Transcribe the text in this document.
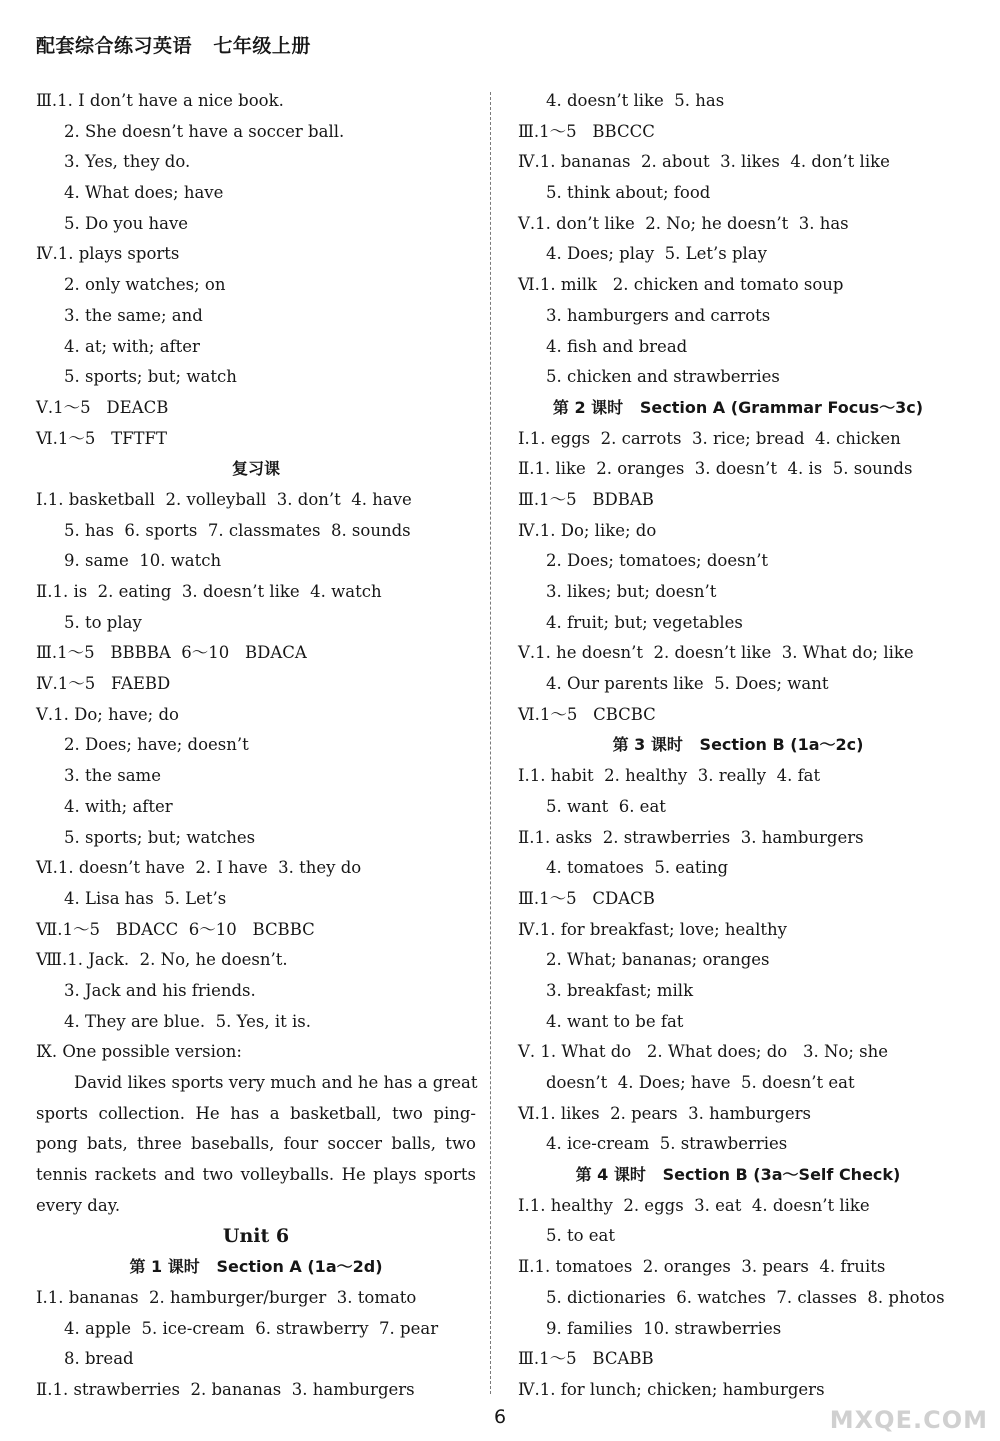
配套综合练习英语   七年级上册
Ⅲ.1. I don’t have a nice book.
2. She doesn’t have a soccer ball.
3. Yes, they do.
4. What does; have
5. Do you have
Ⅳ.1. plays sports
2. only watches; on
3. the same; and
4. at; with; after
5. sports; but; watch
Ⅴ.1～5   DEACB
Ⅵ.1～5   TFTFT
复习课
Ⅰ.1. basketball  2. volleyball  3. don’t  4. have
5. has  6. sports  7. classmates  8. sounds
9. same  10. watch
Ⅱ.1. is  2. eating  3. doesn’t like  4. watch
5. to play
Ⅲ.1～5   BBBBA  6～10   BDACA
Ⅳ.1～5   FAEBD
Ⅴ.1. Do; have; do
2. Does; have; doesn’t
3. the same
4. with; after
5. sports; but; watches
Ⅵ.1. doesn’t have  2. I have  3. they do
4. Lisa has  5. Let’s
Ⅶ.1～5   BDACC  6～10   BCBBC
Ⅷ.1. Jack.  2. No, he doesn’t.
3. Jack and his friends.
4. They are blue.  5. Yes, it is.
Ⅸ. One possible version:
David likes sports very much and he has a great
sports collection. He has a basketball, two ping-
pong bats, three baseballs, four soccer balls, two
tennis rackets and two volleyballs. He plays sports
every day.
Unit 6
第 1 课时   Section A (1a～2d)
Ⅰ.1. bananas  2. hamburger/burger  3. tomato
4. apple  5. ice-cream  6. strawberry  7. pear
8. bread
Ⅱ.1. strawberries  2. bananas  3. hamburgers
4. doesn’t like  5. has
Ⅲ.1～5   BBCCC
Ⅳ.1. bananas  2. about  3. likes  4. don’t like
5. think about; food
Ⅴ.1. don’t like  2. No; he doesn’t  3. has
4. Does; play  5. Let’s play
Ⅵ.1. milk   2. chicken and tomato soup
3. hamburgers and carrots
4. fish and bread
5. chicken and strawberries
第 2 课时   Section A (Grammar Focus～3c)
Ⅰ.1. eggs  2. carrots  3. rice; bread  4. chicken
Ⅱ.1. like  2. oranges  3. doesn’t  4. is  5. sounds
Ⅲ.1～5   BDBAB
Ⅳ.1. Do; like; do
2. Does; tomatoes; doesn’t
3. likes; but; doesn’t
4. fruit; but; vegetables
Ⅴ.1. he doesn’t  2. doesn’t like  3. What do; like
4. Our parents like  5. Does; want
Ⅵ.1～5   CBCBC
第 3 课时   Section B (1a～2c)
Ⅰ.1. habit  2. healthy  3. really  4. fat
5. want  6. eat
Ⅱ.1. asks  2. strawberries  3. hamburgers
4. tomatoes  5. eating
Ⅲ.1～5   CDACB
Ⅳ.1. for breakfast; love; healthy
2. What; bananas; oranges
3. breakfast; milk
4. want to be fat
Ⅴ. 1. What do   2. What does; do   3. No; she
doesn’t  4. Does; have  5. doesn’t eat
Ⅵ.1. likes  2. pears  3. hamburgers
4. ice-cream  5. strawberries
第 4 课时   Section B (3a～Self Check)
Ⅰ.1. healthy  2. eggs  3. eat  4. doesn’t like
5. to eat
Ⅱ.1. tomatoes  2. oranges  3. pears  4. fruits
5. dictionaries  6. watches  7. classes  8. photos
9. families  10. strawberries
Ⅲ.1～5   BCABB
Ⅳ.1. for lunch; chicken; hamburgers
6	MXQE.COM
